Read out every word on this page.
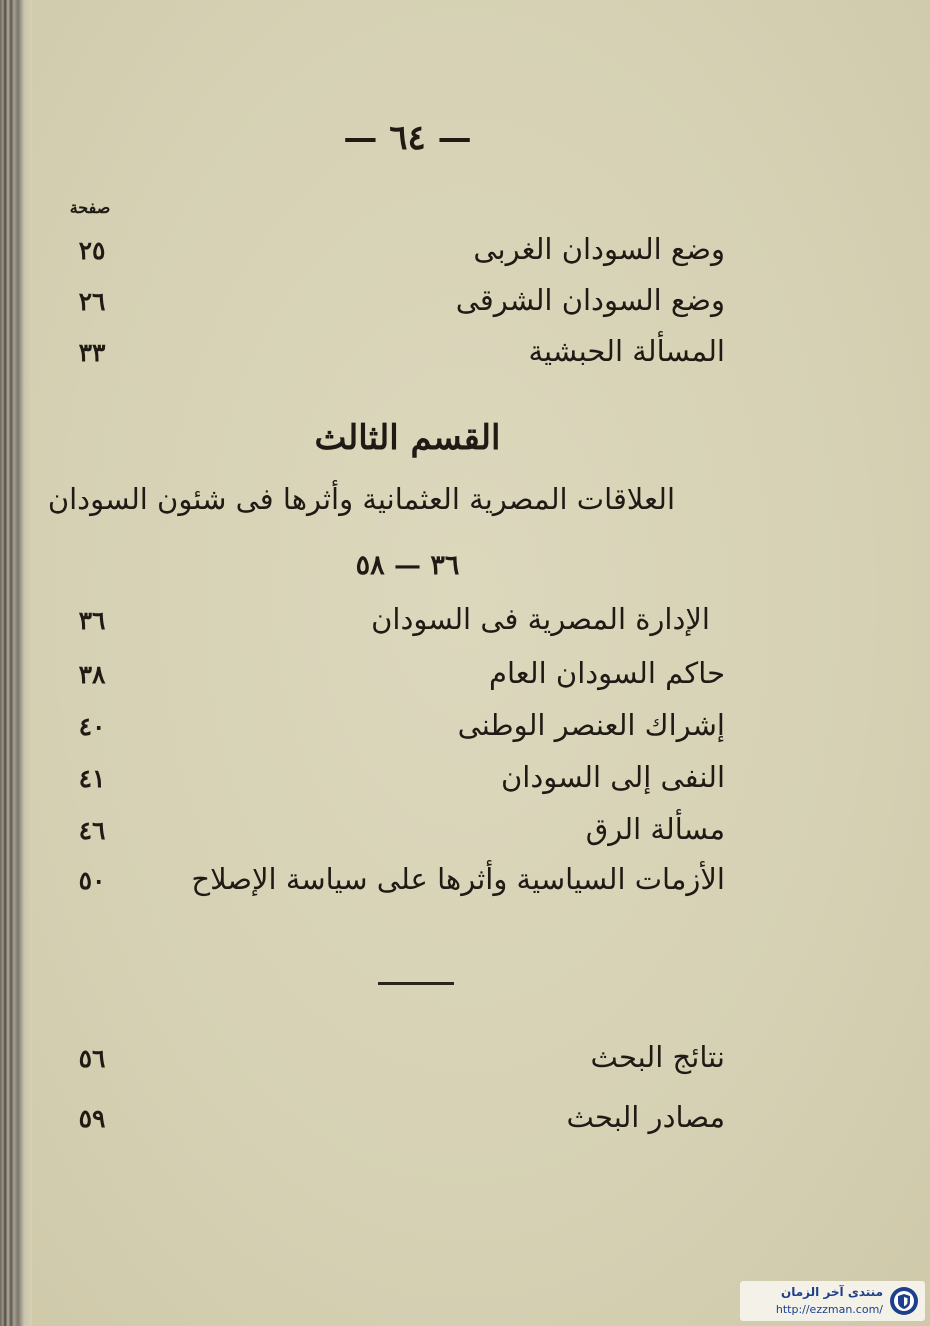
— ٦٤ —
صفحة
وضع السودان الغربى
٢٥
وضع السودان الشرقى
٢٦
المسألة الحبشية
٣٣
القسم الثالث
العلاقات المصرية العثمانية وأثرها فى شئون السودان
٣٦ — ٥٨
الإدارة المصرية فى السودان
٣٦
حاكم السودان العام
٣٨
إشراك العنصر الوطنى
٤٠
النفى إلى السودان
٤١
مسألة الرق
٤٦
الأزمات السياسية وأثرها على سياسة الإصلاح
٥٠
نتائج البحث
٥٦
مصادر البحث
٥٩
منتدى آخر الزمان
http://ezzman.com/
